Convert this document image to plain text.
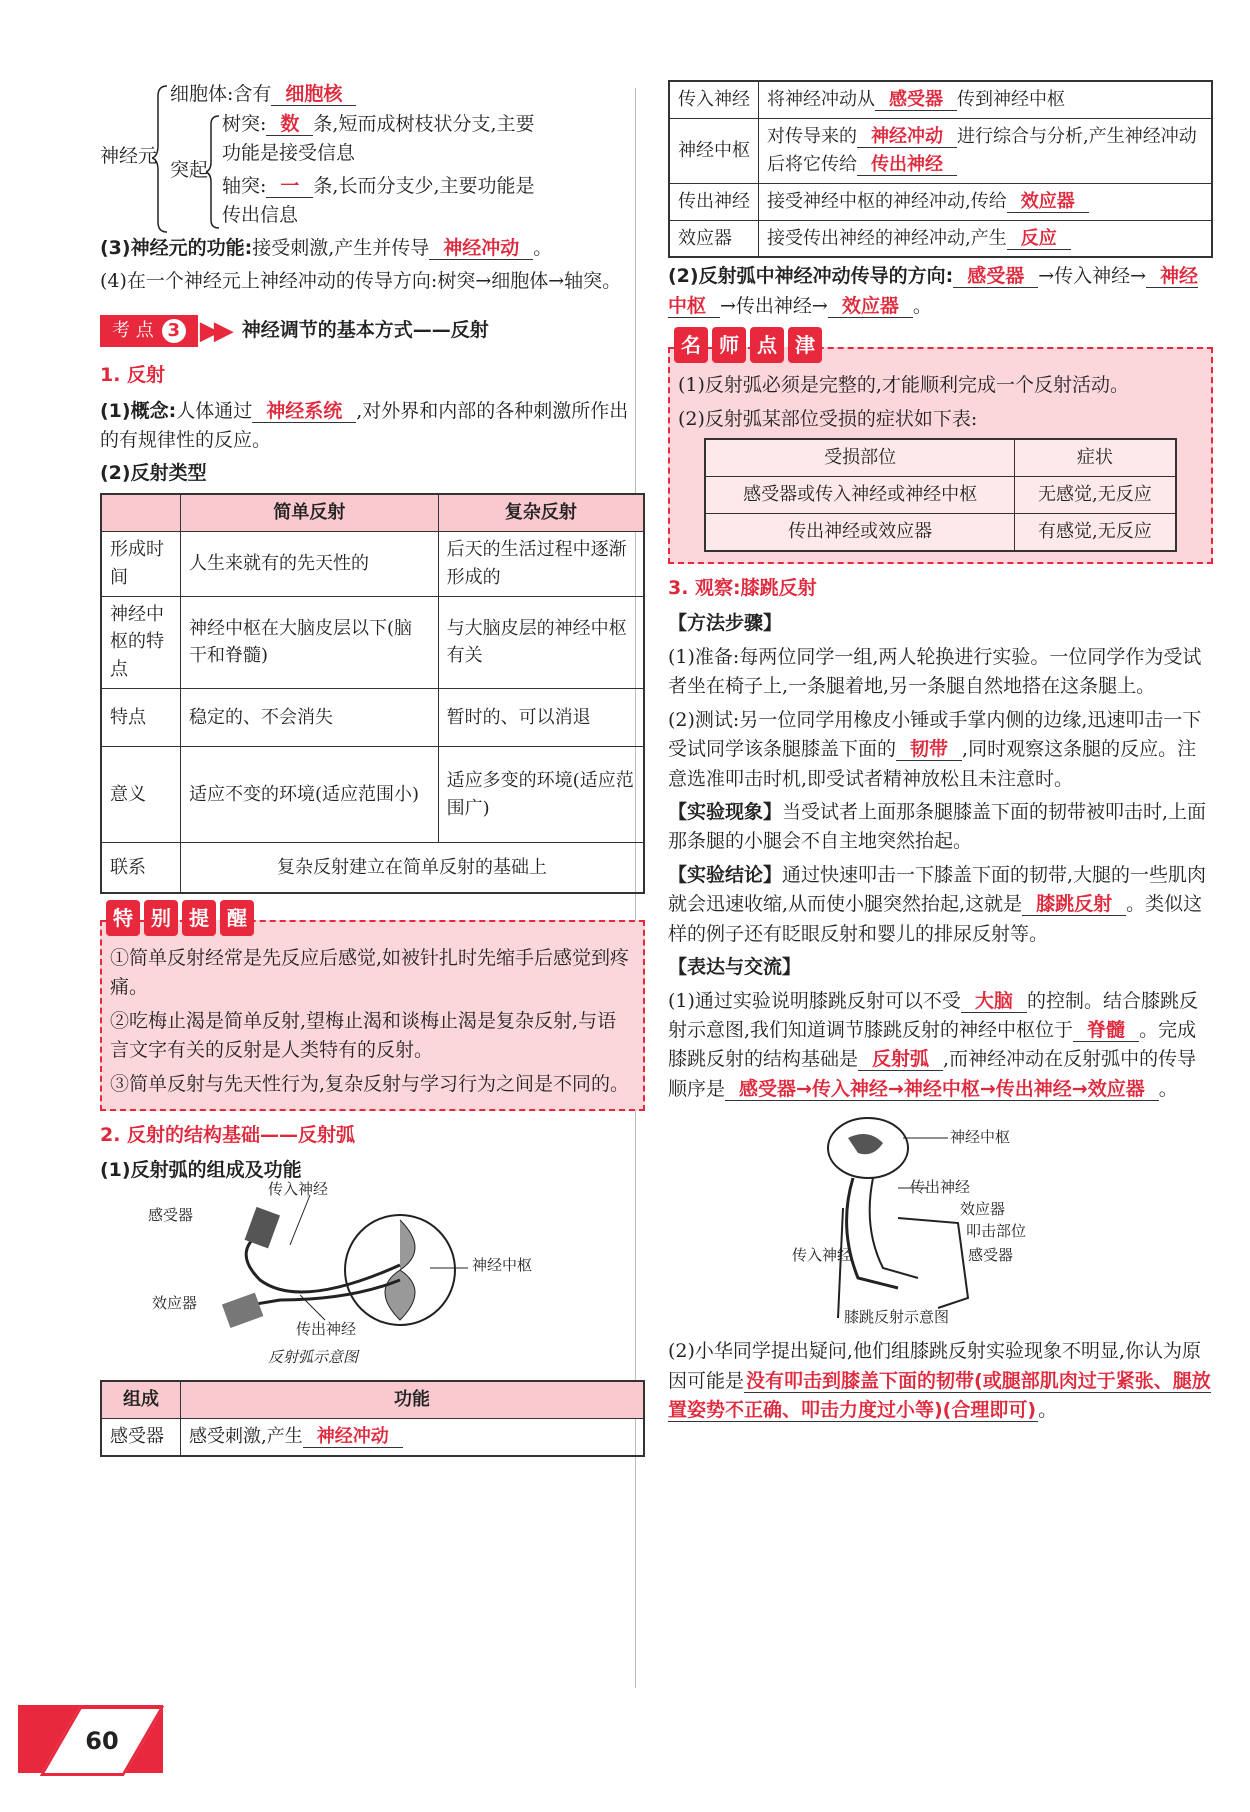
神经元
细胞体:含有 细胞核
突起
树突: 数 条,短而成树枝状分支,主要
功能是接受信息
轴突: 一 条,长而分支少,主要功能是
传出信息

(3)神经元的功能:接受刺激,产生并传导 神经冲动 。

(4)在一个神经元上神经冲动的传导方向:树突→细胞体→轴突。

考 点 3 ▶▶ 神经调节的基本方式——反射
1. 反射

(1)概念:人体通过 神经系统 ,对外界和内部的各种刺激所作出的有规律性的反应。

(2)反射类型

	简单反射	复杂反射
形成时间	人生来就有的先天性的	后天的生活过程中逐渐形成的
神经中枢的特点	神经中枢在大脑皮层以下(脑干和脊髓)	与大脑皮层的神经中枢有关
特点	稳定的、不会消失	暂时的、可以消退
意义	适应不变的环境(适应范围小)	适应多变的环境(适应范围广)
联系	复杂反射建立在简单反射的基础上	
特 别 提 醒

①简单反射经常是先反应后感觉,如被针扎时先缩手后感觉到疼痛。

②吃梅止渴是简单反射,望梅止渴和谈梅止渴是复杂反射,与语言文字有关的反射是人类特有的反射。

③简单反射与先天性行为,复杂反射与学习行为之间是不同的。

2. 反射的结构基础——反射弧

(1)反射弧的组成及功能

传入神经
感受器
神经中枢
效应器
传出神经
反射弧示意图
组成	功能
感受器	感受刺激,产生 神经冲动
传入神经	将神经冲动从 感受器 传到神经中枢
神经中枢	对传导来的 神经冲动 进行综合与分析,产生神经冲动后将它传给 传出神经
传出神经	接受神经中枢的神经冲动,传给 效应器
效应器	接受传出神经的神经冲动,产生 反应

(2)反射弧中神经冲动传导的方向: 感受器 →传入神经→ 神经中枢 →传出神经→ 效应器 。

名 师 点 津

(1)反射弧必须是完整的,才能顺利完成一个反射活动。

(2)反射弧某部位受损的症状如下表:

受损部位	症状
感受器或传入神经或神经中枢	无感觉,无反应
传出神经或效应器	有感觉,无反应
3. 观察:膝跳反射

【方法步骤】

(1)准备:每两位同学一组,两人轮换进行实验。一位同学作为受试者坐在椅子上,一条腿着地,另一条腿自然地搭在这条腿上。

(2)测试:另一位同学用橡皮小锤或手掌内侧的边缘,迅速叩击一下受试同学该条腿膝盖下面的 韧带 ,同时观察这条腿的反应。注意选准叩击时机,即受试者精神放松且未注意时。

【实验现象】当受试者上面那条腿膝盖下面的韧带被叩击时,上面那条腿的小腿会不自主地突然抬起。

【实验结论】通过快速叩击一下膝盖下面的韧带,大腿的一些肌肉就会迅速收缩,从而使小腿突然抬起,这就是 膝跳反射 。类似这样的例子还有眨眼反射和婴儿的排尿反射等。

【表达与交流】

(1)通过实验说明膝跳反射可以不受 大脑 的控制。结合膝跳反射示意图,我们知道调节膝跳反射的神经中枢位于 脊髓 。完成膝跳反射的结构基础是 反射弧 ,而神经冲动在反射弧中的传导顺序是 感受器→传入神经→神经中枢→传出神经→效应器 。

神经中枢
传出神经
效应器
叩击部位
传入神经	感受器
膝跳反射示意图

(2)小华同学提出疑问,他们组膝跳反射实验现象不明显,你认为原因可能是 没有叩击到膝盖下面的韧带(或腿部肌肉过于紧张、腿放置姿势不正确、叩击力度过小等)(合理即可) 。

60
